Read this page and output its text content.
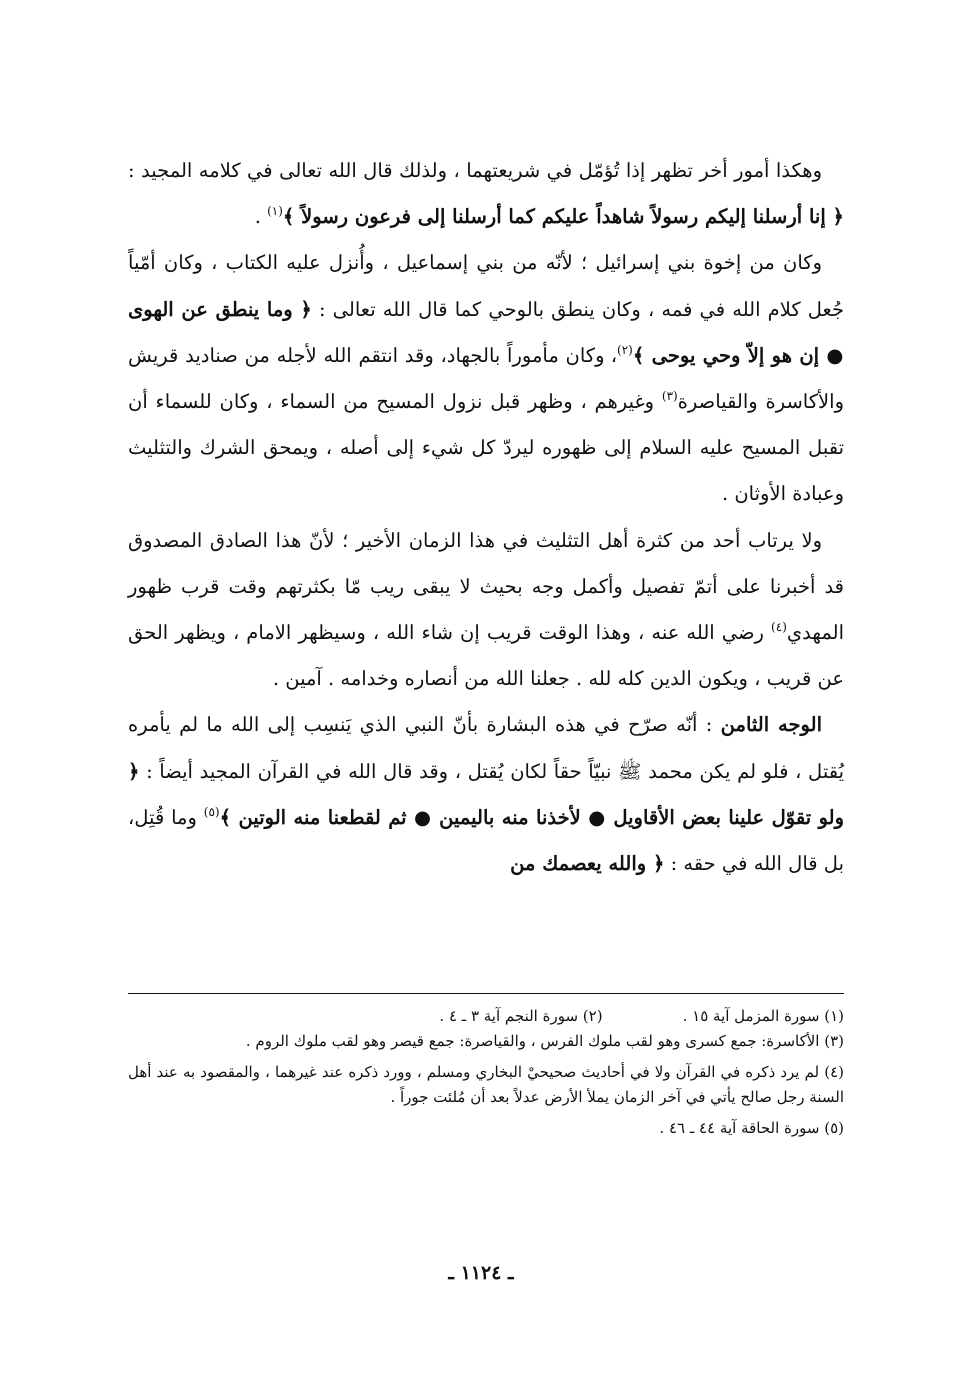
وهكذا أمور أخر تظهر إذا تُؤمّل في شريعتهما ، ولذلك قال الله تعالى في كلامه المجيد : ﴿ إنا أرسلنا إليكم رسولاً شاهداً عليكم كما أرسلنا إلى فرعون رسولاً ﴾$^{(١)}$ .

وكان من إخوة بني إسرائيل ؛ لأنّه من بني إسماعيل ، وأُنزل عليه الكتاب ، وكان أمّياً جُعل كلام الله في فمه ، وكان ينطق بالوحي كما قال الله تعالى : ﴿ وما ينطق عن الهوى ● إن هو إلاّ وحي يوحى ﴾$^{(٢)}$، وكان مأموراً بالجهاد، وقد انتقم الله لأجله من صناديد قريش والأكاسرة والقياصرة$^{(٣)}$ وغيرهم ، وظهر قبل نزول المسيح من السماء ، وكان للسماء أن تقبل المسيح عليه السلام إلى ظهوره ليردّ كل شيء إلى أصله ، ويمحق الشرك والتثليث وعبادة الأوثان .

ولا يرتاب أحد من كثرة أهل التثليث في هذا الزمان الأخير ؛ لأنّ هذا الصادق المصدوق قد أخبرنا على أتمّ تفصيل وأكمل وجه بحيث لا يبقى ريب مّا بكثرتهم وقت قرب ظهور المهدي$^{(٤)}$ رضي الله عنه ، وهذا الوقت قريب إن شاء الله ، وسيظهر الامام ، ويظهر الحق عن قريب ، ويكون الدين كله لله . جعلنا الله من أنصاره وخدامه . آمين .

الوجه الثامن : أنّه صرّح في هذه البشارة بأنّ النبي الذي يَنسِب إلى الله ما لم يأمره يُقتل ، فلو لم يكن محمد ﷺ نبيّاً حقاً لكان يُقتل ، وقد قال الله في القرآن المجيد أيضاً : ﴿ ولو تقوّل علينا بعض الأقاويل ● لأخذنا منه باليمين ● ثم لقطعنا منه الوتين ﴾$^{(٥)}$ وما قُتِل، بل قال الله في حقه : ﴿ والله يعصمك من

(١) سورة المزمل آية ١٥ .(٢) سورة النجم آية ٣ ـ ٤ .

(٣) الأكاسرة: جمع كسرى وهو لقب ملوك الفرس ، والقياصرة: جمع قيصر وهو لقب ملوك الروم .

(٤) لم يرد ذكره في القرآن ولا في أحاديث صحيحيْ البخاري ومسلم ، وورد ذكره عند غيرهما ، والمقصود به عند أهل السنة رجل صالح يأتي في آخر الزمان يملأ الأرض عدلاً بعد أن مُلئت جوراً .

(٥) سورة الحاقة آية ٤٤ ـ ٤٦ .

ـ ١١٢٤ ـ
